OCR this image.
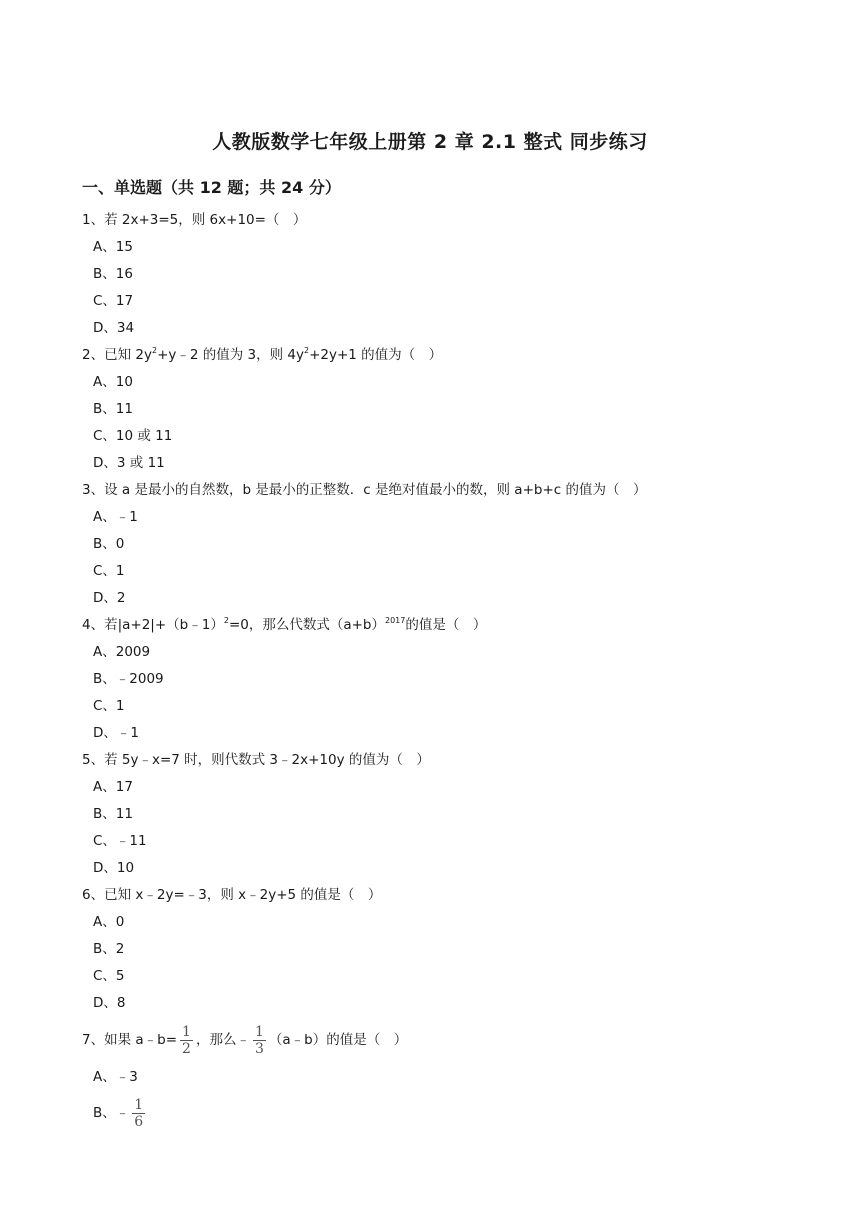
人教版数学七年级上册第 2 章 2.1 整式 同步练习
一、单选题（共 12 题；共 24 分）
1、若 2x+3=5，则 6x+10=（　）
A、15
B、16
C、17
D、34
2、已知 $2y^2+y﹣2$ 的值为 3，则 $4y^2+2y+1$ 的值为（　）
A、10
B、11
C、10 或 11
D、3 或 11
3、设 a 是最小的自然数，b 是最小的正整数．c 是绝对值最小的数，则 a+b+c 的值为（　）
A、﹣1
B、0
C、1
D、2
4、若|a+2|+（b﹣1）$^2$=0，那么代数式$(a+b)^{2017}$的值是（　）
A、2009
B、﹣2009
C、1
D、﹣1
5、若 5y﹣x=7 时，则代数式 3﹣2x+10y 的值为（　）
A、17
B、11
C、﹣11
D、10
6、已知 x﹣2y=﹣3，则 x﹣2y+5 的值是（　）
A、0
B、2
C、5
D、8
7、如果 a﹣b= $\frac{1}{2}$ ，那么﹣ $\frac{1}{3}$ （a﹣b）的值是（　）
A、﹣3
B、﹣ $\frac{1}{6}$
